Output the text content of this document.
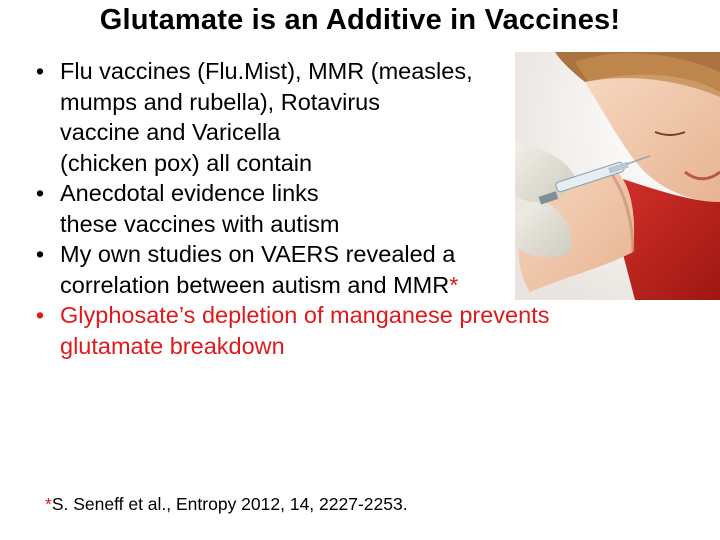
Glutamate is an Additive in Vaccines!
• Flu vaccines (Flu.Mist), MMR (measles,
mumps and rubella), Rotavirus
vaccine and Varicella
(chicken pox) all contain
• Anecdotal evidence links
these vaccines with autism
• My own studies on VAERS revealed a
correlation between autism and MMR*
• Glyphosate’s depletion of manganese prevents
glutamate breakdown
*S. Seneff et al., Entropy 2012, 14, 2227-2253.
